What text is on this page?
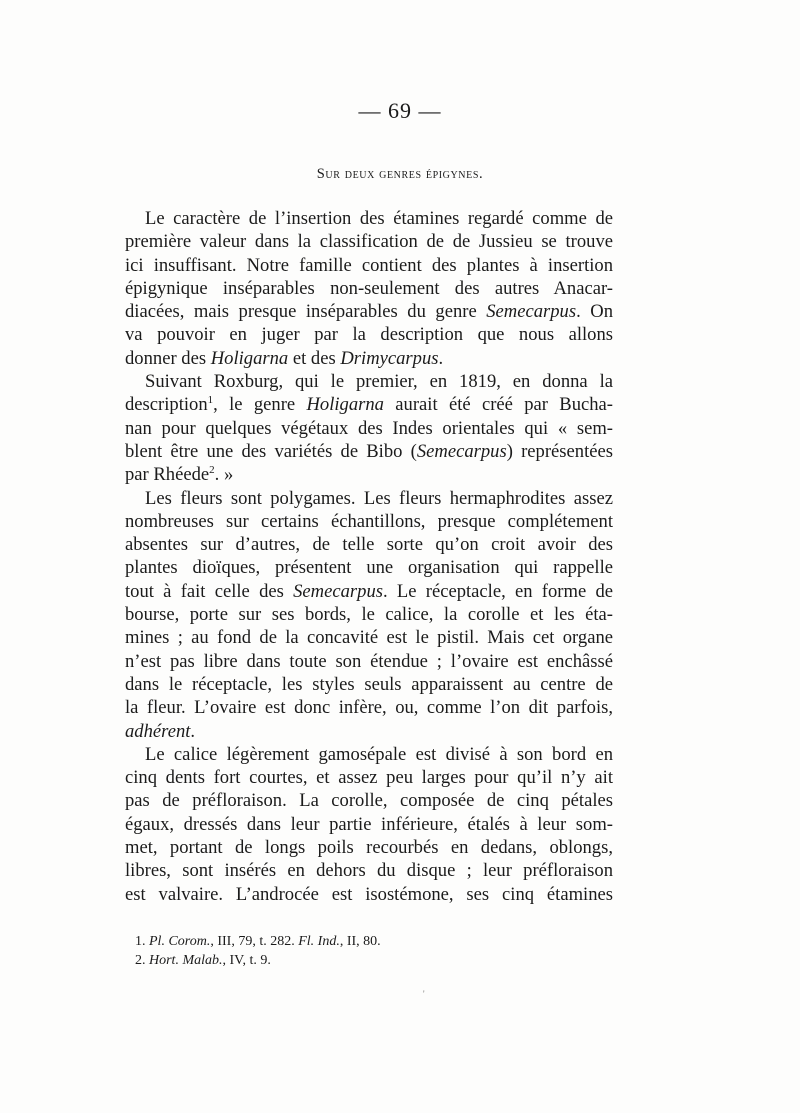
— 69 —
Sur deux genres épigynes.
Le caractère de l’insertion des étamines regardé comme de
première valeur dans la classification de de Jussieu se trouve
ici insuffisant. Notre famille contient des plantes à insertion
épigynique inséparables non-seulement des autres Anacar-
diacées, mais presque inséparables du genre Semecarpus. On
va pouvoir en juger par la description que nous allons
donner des Holigarna et des Drimycarpus.
Suivant Roxburg, qui le premier, en 1819, en donna la
description$^1$, le genre Holigarna aurait été créé par Bucha-
nan pour quelques végétaux des Indes orientales qui « sem-
blent être une des variétés de Bibo (Semecarpus) représentées
par Rhéede$^2$. »
Les fleurs sont polygames. Les fleurs hermaphrodites assez
nombreuses sur certains échantillons, presque complétement
absentes sur d’autres, de telle sorte qu’on croit avoir des
plantes dioïques, présentent une organisation qui rappelle
tout à fait celle des Semecarpus. Le réceptacle, en forme de
bourse, porte sur ses bords, le calice, la corolle et les éta-
mines ; au fond de la concavité est le pistil. Mais cet organe
n’est pas libre dans toute son étendue ; l’ovaire est enchâssé
dans le réceptacle, les styles seuls apparaissent au centre de
la fleur. L’ovaire est donc infère, ou, comme l’on dit parfois,
adhérent.
Le calice légèrement gamosépale est divisé à son bord en
cinq dents fort courtes, et assez peu larges pour qu’il n’y ait
pas de préfloraison. La corolle, composée de cinq pétales
égaux, dressés dans leur partie inférieure, étalés à leur som-
met, portant de longs poils recourbés en dedans, oblongs,
libres, sont insérés en dehors du disque ; leur préfloraison
est valvaire. L’androcée est isostémone, ses cinq étamines
1. Pl. Corom., III, 79, t. 282. Fl. Ind., II, 80.
2. Hort. Malab., IV, t. 9.
'
